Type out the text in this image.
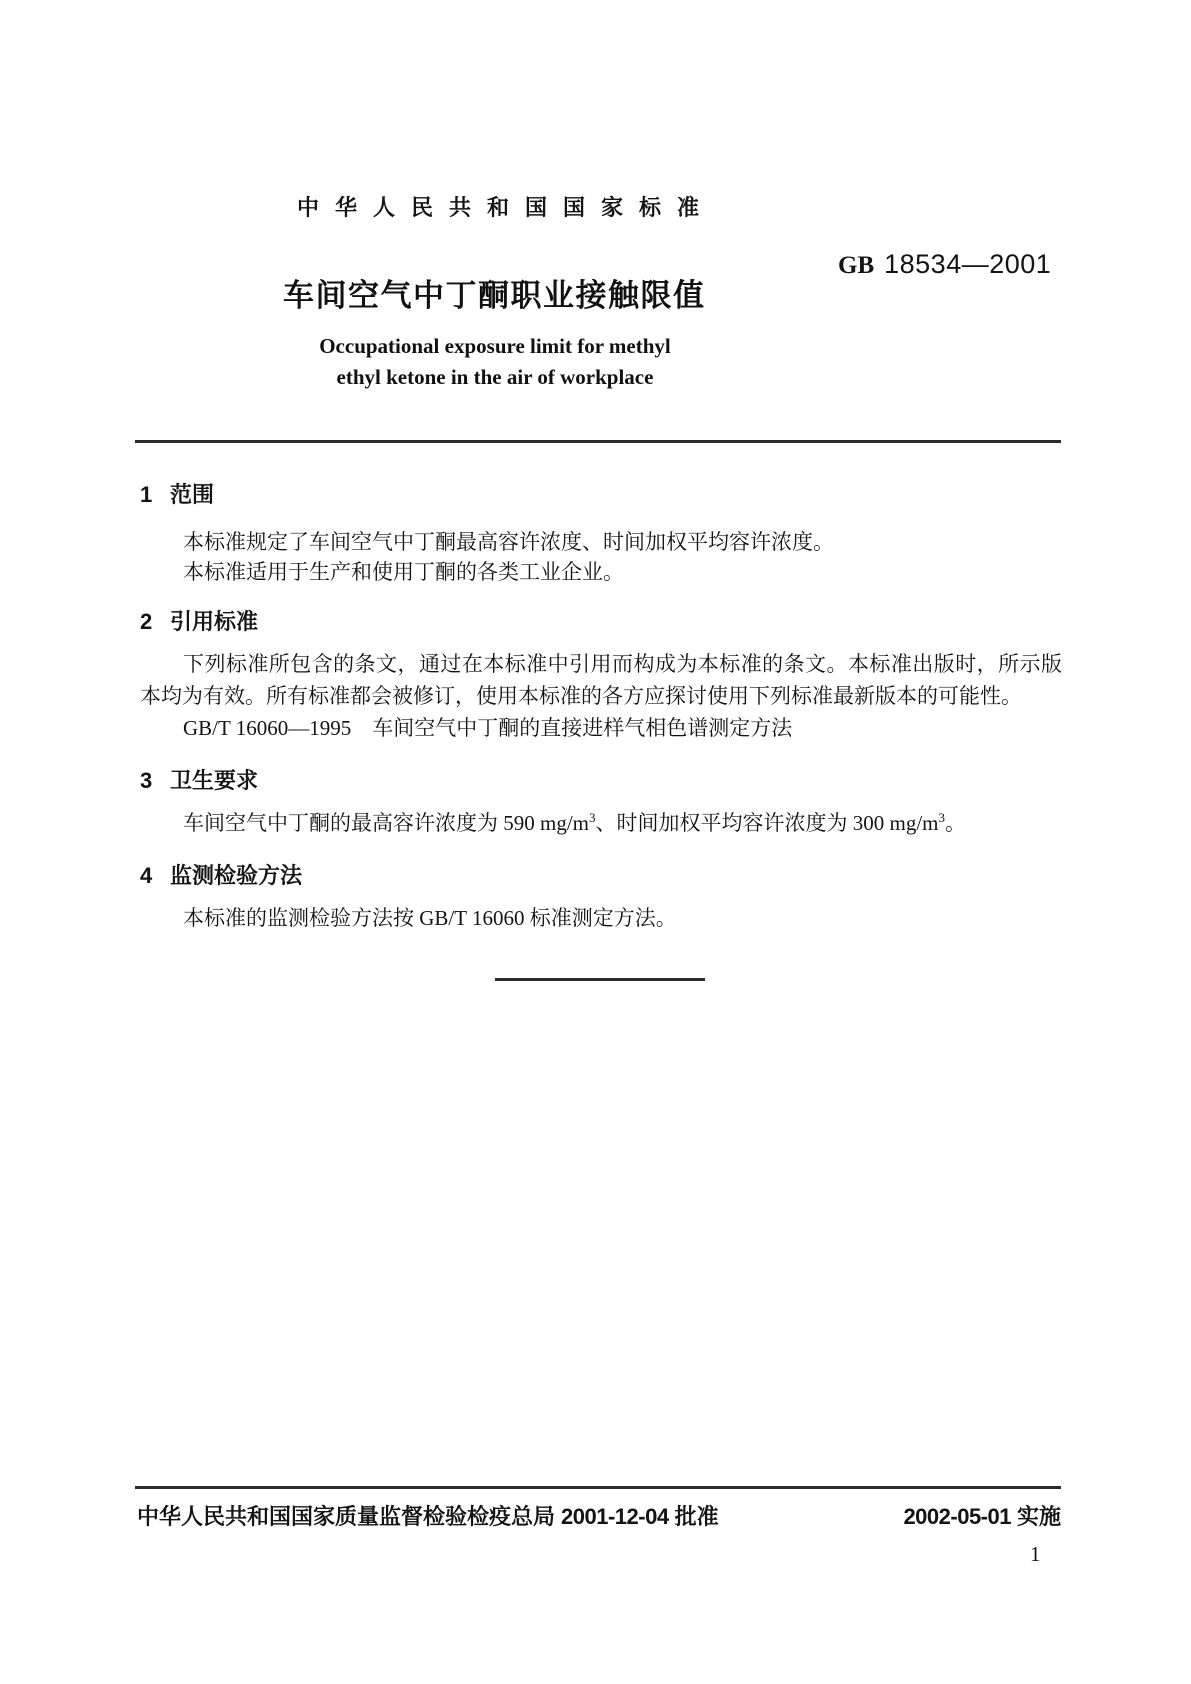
中华人民共和国国家标准
GB 18534—2001
车间空气中丁酮职业接触限值
Occupational exposure limit for methyl
ethyl ketone in the air of workplace
1 范围
本标准规定了车间空气中丁酮最高容许浓度、时间加权平均容许浓度。
本标准适用于生产和使用丁酮的各类工业企业。
2 引用标准
下列标准所包含的条文，通过在本标准中引用而构成为本标准的条文。本标准出版时，所示版本均为有效。所有标准都会被修订，使用本标准的各方应探讨使用下列标准最新版本的可能性。
GB/T 16060—1995　车间空气中丁酮的直接进样气相色谱测定方法
3 卫生要求
车间空气中丁酮的最高容许浓度为 590 $mg/m^3$、时间加权平均容许浓度为 300 $mg/m^3$。
4 监测检验方法
本标准的监测检验方法按 GB/T 16060 标准测定方法。
中华人民共和国国家质量监督检验检疫总局 2001-12-04 批准	2002-05-01 实施
1
